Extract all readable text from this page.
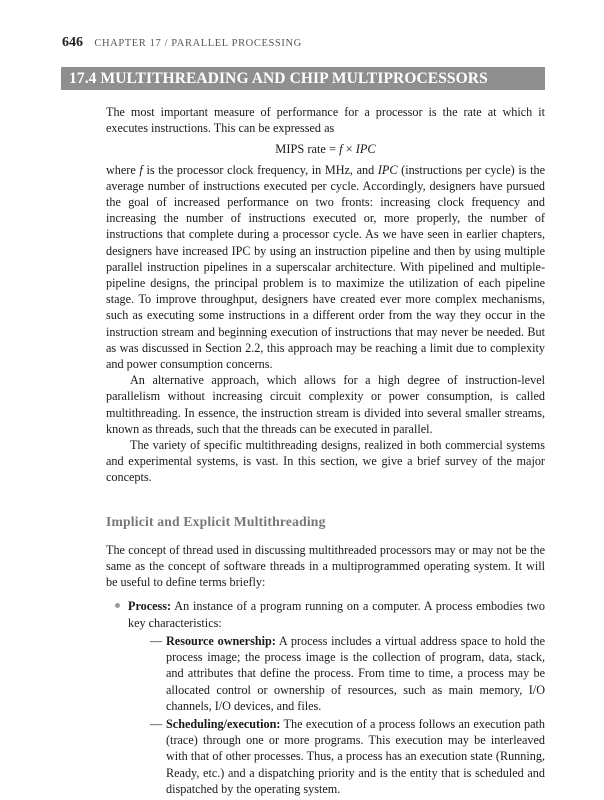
646 CHAPTER 17 / PARALLEL PROCESSING
17.4 MULTITHREADING AND CHIP MULTIPROCESSORS

The most important measure of performance for a processor is the rate at which it executes instructions. This can be expressed as

MIPS rate = f × IPC

where f is the processor clock frequency, in MHz, and IPC (instructions per cycle) is the average number of instructions executed per cycle. Accordingly, designers have pursued the goal of increased performance on two fronts: increasing clock frequency and increasing the number of instructions executed or, more properly, the number of instructions that complete during a processor cycle. As we have seen in earlier chapters, designers have increased IPC by using an instruction pipeline and then by using multiple parallel instruction pipelines in a superscalar architecture. With pipelined and multiple-pipeline designs, the principal problem is to maximize the utilization of each pipeline stage. To improve throughput, designers have created ever more complex mechanisms, such as executing some instructions in a different order from the way they occur in the instruction stream and beginning execution of instructions that may never be needed. But as was discussed in Section 2.2, this approach may be reaching a limit due to complexity and power consumption concerns.

An alternative approach, which allows for a high degree of instruction-level parallelism without increasing circuit complexity or power consumption, is called multithreading. In essence, the instruction stream is divided into several smaller streams, known as threads, such that the threads can be executed in parallel.

The variety of specific multithreading designs, realized in both commercial systems and experimental systems, is vast. In this section, we give a brief survey of the major concepts.

Implicit and Explicit Multithreading

The concept of thread used in discussing multithreaded processors may or may not be the same as the concept of software threads in a multiprogrammed operating system. It will be useful to define terms briefly:

Process: An instance of a program running on a computer. A process embodies two key characteristics:
— Resource ownership: A process includes a virtual address space to hold the process image; the process image is the collection of program, data, stack, and attributes that define the process. From time to time, a process may be allocated control or ownership of resources, such as main memory, I/O channels, I/O devices, and files.
— Scheduling/execution: The execution of a process follows an execution path (trace) through one or more programs. This execution may be interleaved with that of other processes. Thus, a process has an execution state (Running, Ready, etc.) and a dispatching priority and is the entity that is scheduled and dispatched by the operating system.
